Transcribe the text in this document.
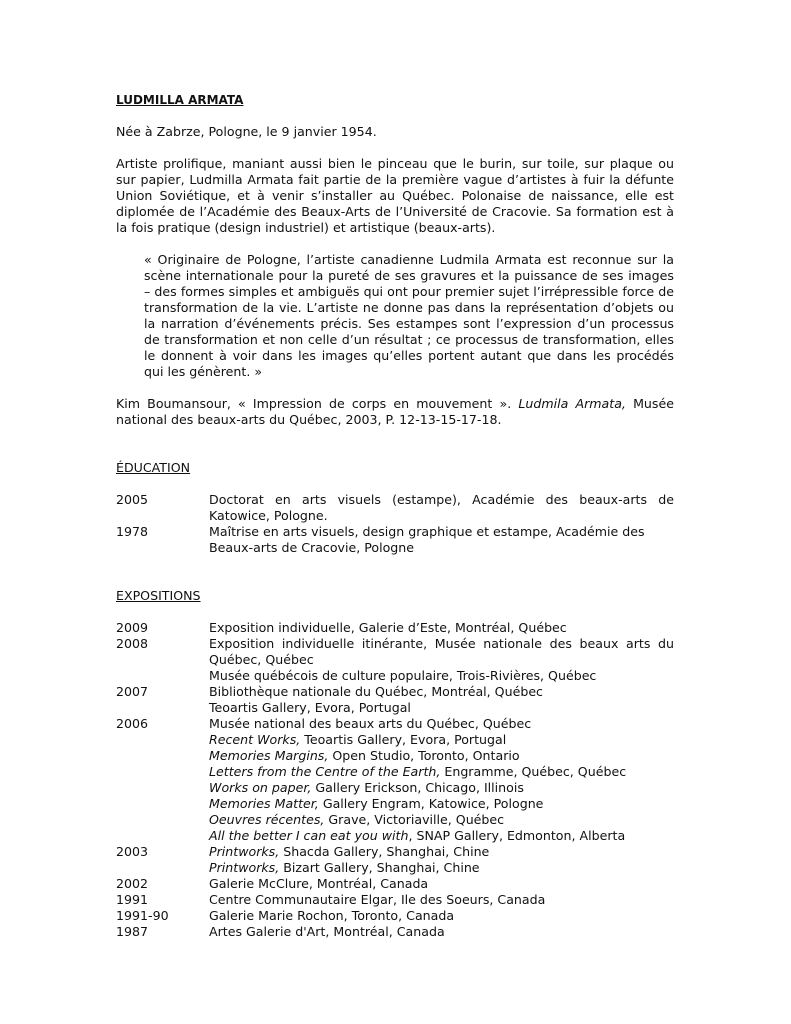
LUDMILLA ARMATA

Née à Zabrze, Pologne, le 9 janvier 1954.

Artiste prolifique, maniant aussi bien le pinceau que le burin, sur toile, sur plaque ou sur papier, Ludmilla Armata fait partie de la première vague d’artistes à fuir la défunte Union Soviétique, et à venir s’installer au Québec. Polonaise de naissance, elle est diplomée de l’Académie des Beaux-Arts de l’Université de Cracovie. Sa formation est à la fois pratique (design industriel) et artistique (beaux-arts).

« Originaire de Pologne, l’artiste canadienne Ludmila Armata est reconnue sur la scène internationale pour la pureté de ses gravures et la puissance de ses images – des formes simples et ambiguës qui ont pour premier sujet l’irrépressible force de transformation de la vie. L’artiste ne donne pas dans la représentation d’objets ou la narration d’événements précis. Ses estampes sont l’expression d’un processus de transformation et non celle d’un résultat ; ce processus de transformation, elles le donnent à voir dans les images qu’elles portent autant que dans les procédés qui les génèrent. »
Kim Boumansour, « Impression de corps en mouvement ». Ludmila Armata, Musée national des beaux-arts du Québec, 2003, P. 12-13-15-17-18.
ÉDUCATION
2005	Doctorat en arts visuels (estampe), Académie des beaux-arts de Katowice, Pologne.
1978	Maîtrise en arts visuels, design graphique et estampe, Académie des Beaux-arts de Cracovie, Pologne
EXPOSITIONS
2009	Exposition individuelle, Galerie d’Este, Montréal, Québec
2008	Exposition individuelle itinérante, Musée nationale des beaux arts du Québec, Québec
Musée québécois de culture populaire, Trois-Rivières, Québec
2007	Bibliothèque nationale du Québec, Montréal, Québec
Teoartis Gallery, Evora, Portugal
2006	Musée national des beaux arts du Québec, Québec
Recent Works, Teoartis Gallery, Evora, Portugal
Memories Margins, Open Studio, Toronto, Ontario
Letters from the Centre of the Earth, Engramme, Québec, Québec
Works on paper, Gallery Erickson, Chicago, Illinois
Memories Matter, Gallery Engram, Katowice, Pologne
Oeuvres récentes, Grave, Victoriaville, Québec
All the better I can eat you with, SNAP Gallery, Edmonton, Alberta
2003	Printworks, Shacda Gallery, Shanghai, Chine
Printworks, Bizart Gallery, Shanghai, Chine
2002	Galerie McClure, Montréal, Canada
1991	Centre Communautaire Elgar, Ile des Soeurs, Canada
1991-90	Galerie Marie Rochon, Toronto, Canada
1987	Artes Galerie d'Art, Montréal, Canada
